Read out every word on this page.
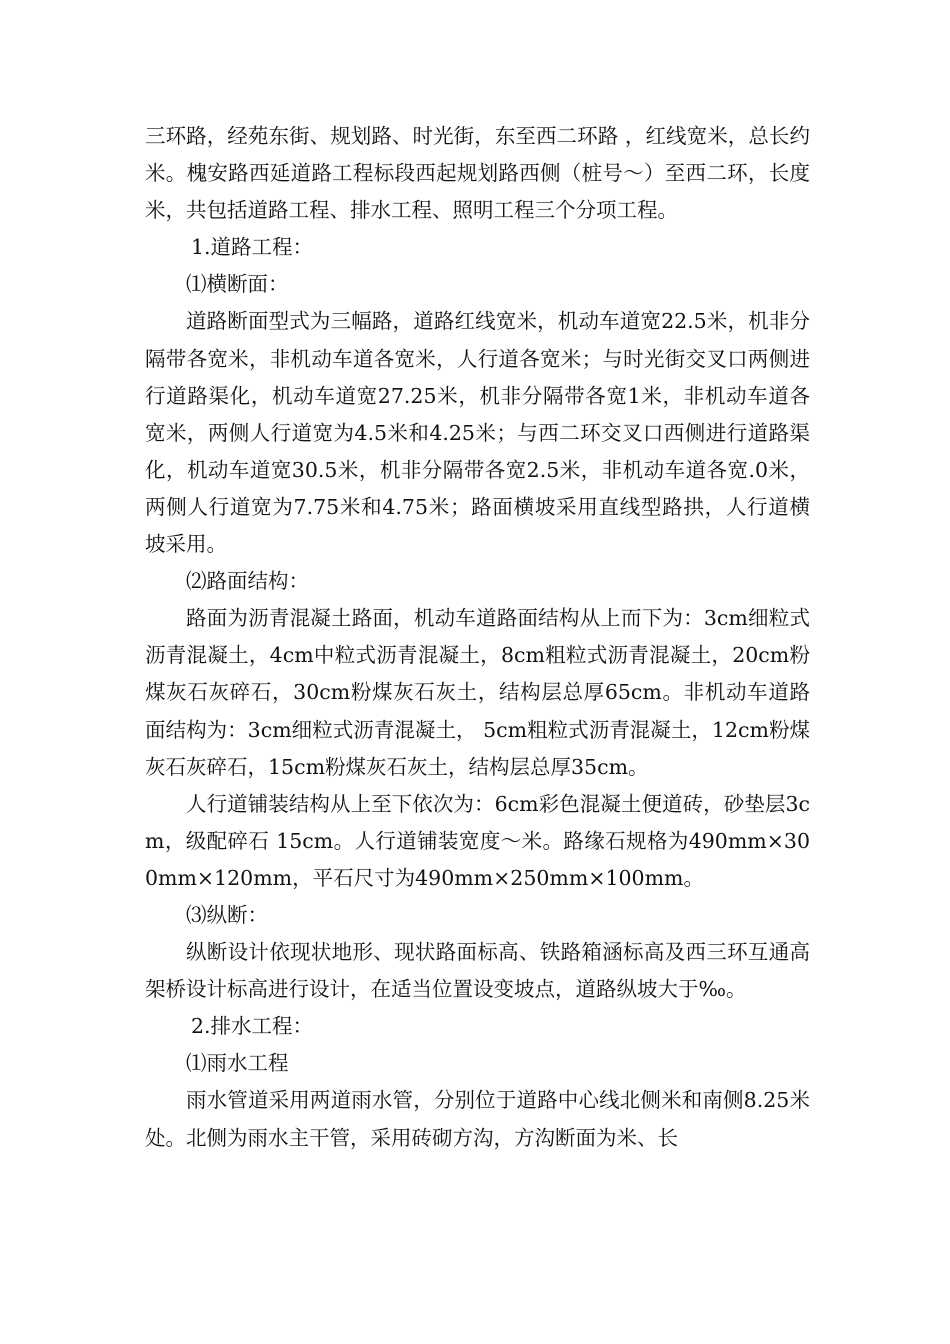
三环路，经苑东街、规划路、时光街，东至西二环路 ，红线宽米，总长约米。槐安路西延道路工程标段西起规划路西侧（桩号～）至西二环，长度米，共包括道路工程、排水工程、照明工程三个分项工程。

1.道路工程：

⑴横断面：

道路断面型式为三幅路，道路红线宽米，机动车道宽22.5米，机非分隔带各宽米，非机动车道各宽米，人行道各宽米；与时光街交叉口两侧进行道路渠化，机动车道宽27.25米，机非分隔带各宽1米，非机动车道各宽米，两侧人行道宽为4.5米和4.25米；与西二环交叉口西侧进行道路渠化，机动车道宽30.5米，机非分隔带各宽2.5米，非机动车道各宽.0米，两侧人行道宽为7.75米和4.75米；路面横坡采用直线型路拱，人行道横坡采用。

⑵路面结构：

路面为沥青混凝土路面，机动车道路面结构从上而下为：3cm细粒式沥青混凝土，4cm中粒式沥青混凝土，8cm粗粒式沥青混凝土，20cm粉煤灰石灰碎石，30cm粉煤灰石灰土，结构层总厚65cm。非机动车道路面结构为：3cm细粒式沥青混凝土， 5cm粗粒式沥青混凝土，12cm粉煤灰石灰碎石，15cm粉煤灰石灰土，结构层总厚35cm。

人行道铺装结构从上至下依次为：6cm彩色混凝土便道砖，砂垫层3cm，级配碎石 15cm。人行道铺装宽度～米。路缘石规格为490mm×300mm×120mm，平石尺寸为490mm×250mm×100mm。

⑶纵断：

纵断设计依现状地形、现状路面标高、铁路箱涵标高及西三环互通高架桥设计标高进行设计，在适当位置设变坡点，道路纵坡大于‰。

2.排水工程：

⑴雨水工程

雨水管道采用两道雨水管，分别位于道路中心线北侧米和南侧8.25米处。北侧为雨水主干管，采用砖砌方沟，方沟断面为米、长
